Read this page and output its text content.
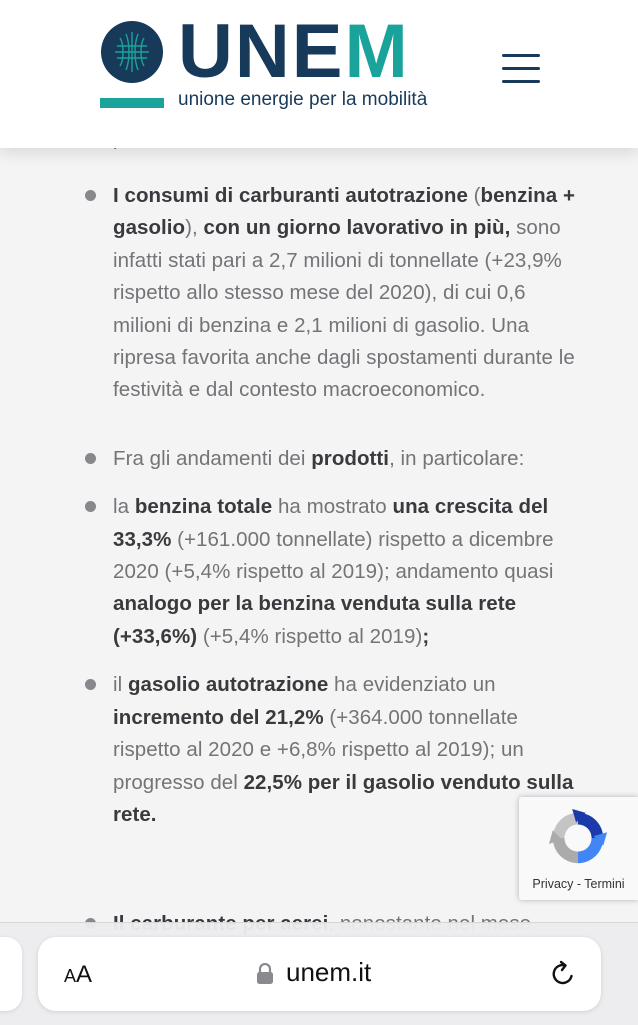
I consumi di carburanti autotrazione (benzina + gasolio), con un giorno lavorativo in più, sono infatti stati pari a 2,7 milioni di tonnellate (+23,9% rispetto allo stesso mese del 2020), di cui 0,6 milioni di benzina e 2,1 milioni di gasolio. Una ripresa favorita anche dagli spostamenti durante le festività e dal contesto macroeconomico.
Fra gli andamenti dei prodotti, in particolare:
la benzina totale ha mostrato una crescita del 33,3% (+161.000 tonnellate) rispetto a dicembre 2020 (+5,4% rispetto al 2019); andamento quasi analogo per la benzina venduta sulla rete (+33,6%) (+5,4% rispetto al 2019);
il gasolio autotrazione ha evidenziato un incremento del 21,2% (+364.000 tonnellate rispetto al 2020 e +6,8% rispetto al 2019); un progresso del 22,5% per il gasolio venduto sulla rete.
UNEM
unione energie per la mobilità
Privacy - Termini
AA	unem.it
